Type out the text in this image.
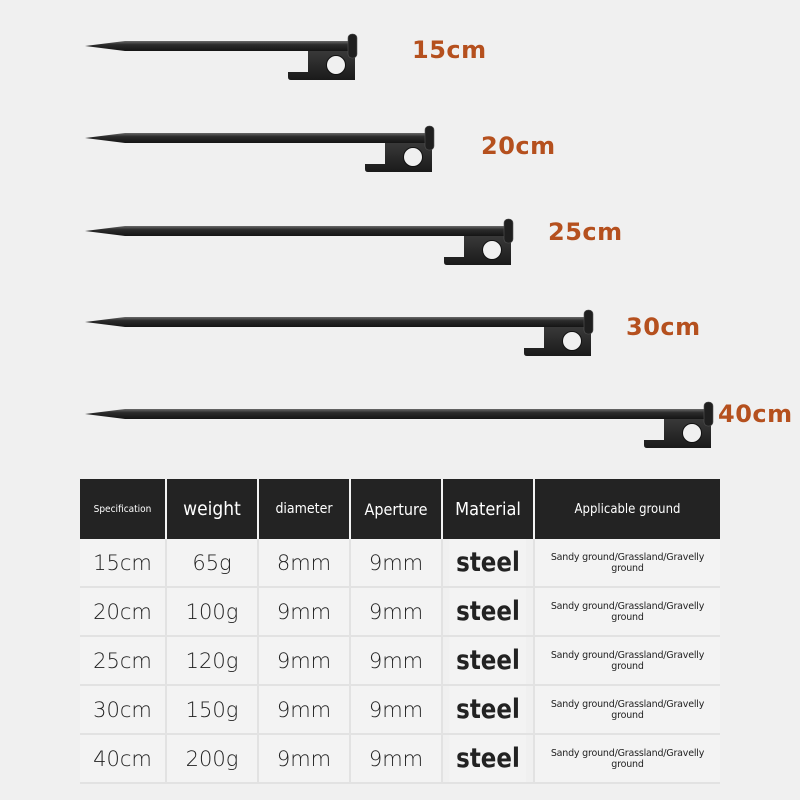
15cm
20cm
25cm
30cm
40cm
Specification	weight	diameter	Aperture	Material	Applicable ground
15cm	65g	8mm	9mm	steel	Sandy ground/Grassland/Gravelly ground
20cm	100g	9mm	9mm	steel	Sandy ground/Grassland/Gravelly ground
25cm	120g	9mm	9mm	steel	Sandy ground/Grassland/Gravelly ground
30cm	150g	9mm	9mm	steel	Sandy ground/Grassland/Gravelly ground
40cm	200g	9mm	9mm	steel	Sandy ground/Grassland/Gravelly ground
